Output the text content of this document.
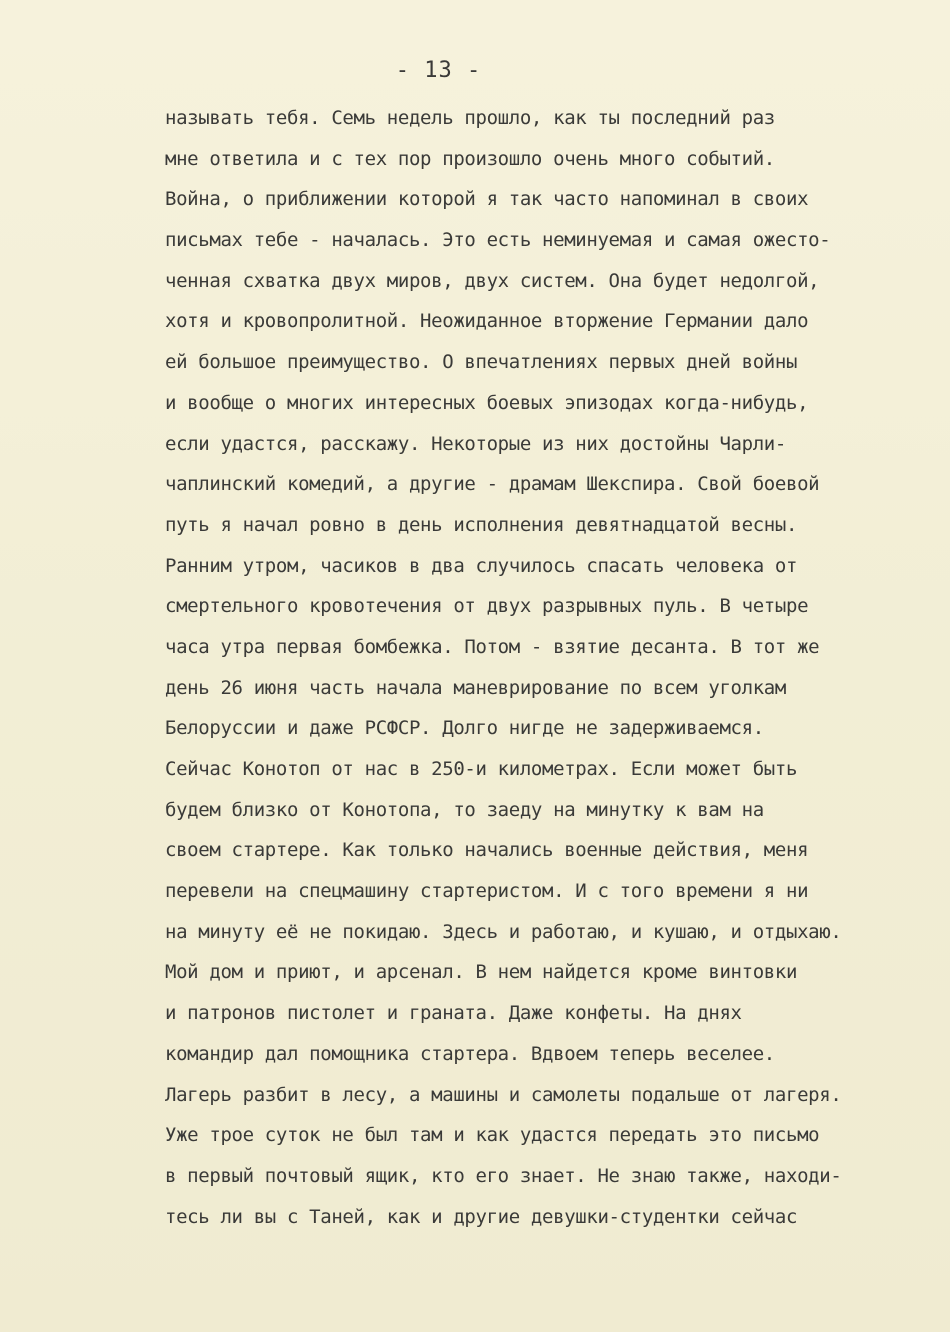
- 13 -
называть тебя. Семь недель прошло, как ты последний раз
мне ответила и с тех пор произошло очень много событий.
Война, о приближении которой я так часто напоминал в своих
письмах тебе - началась. Это есть неминуемая и самая ожесто-
ченная схватка двух миров, двух систем. Она будет недолгой,
хотя и кровопролитной. Неожиданное вторжение Германии дало
ей большое преимущество. О впечатлениях первых дней войны
и вообще о многих интересных боевых эпизодах когда-нибудь,
если удастся, расскажу. Некоторые из них достойны Чарли-
чаплинский комедий, а другие - драмам Шекспира. Свой боевой
путь я начал ровно в день исполнения девятнадцатой весны.
Ранним утром, часиков в два случилось спасать человека от
смертельного кровотечения от двух разрывных пуль. В четыре
часа утра первая бомбежка. Потом - взятие десанта. В тот же
день 26 июня часть начала маневрирование по всем уголкам
Белоруссии и даже РСФСР. Долго нигде не задерживаемся.
Сейчас Конотоп от нас в 250-и километрах. Если может быть
будем близко от Конотопа, то заеду на минутку к вам на
своем стартере. Как только начались военные действия, меня
перевели на спецмашину стартеристом. И с того времени я ни
на минуту её не покидаю. Здесь и работаю, и кушаю, и отдыхаю.
Мой дом и приют, и арсенал. В нем найдется кроме винтовки
и патронов пистолет и граната. Даже конфеты. На днях
командир дал помощника стартера. Вдвоем теперь веселее.
Лагерь разбит в лесу, а машины и самолеты подальше от лагеря.
Уже трое суток не был там и как удастся передать это письмо
в первый почтовый ящик, кто его знает. Не знаю также, находи-
тесь ли вы с Таней, как и другие девушки-студентки сейчас
